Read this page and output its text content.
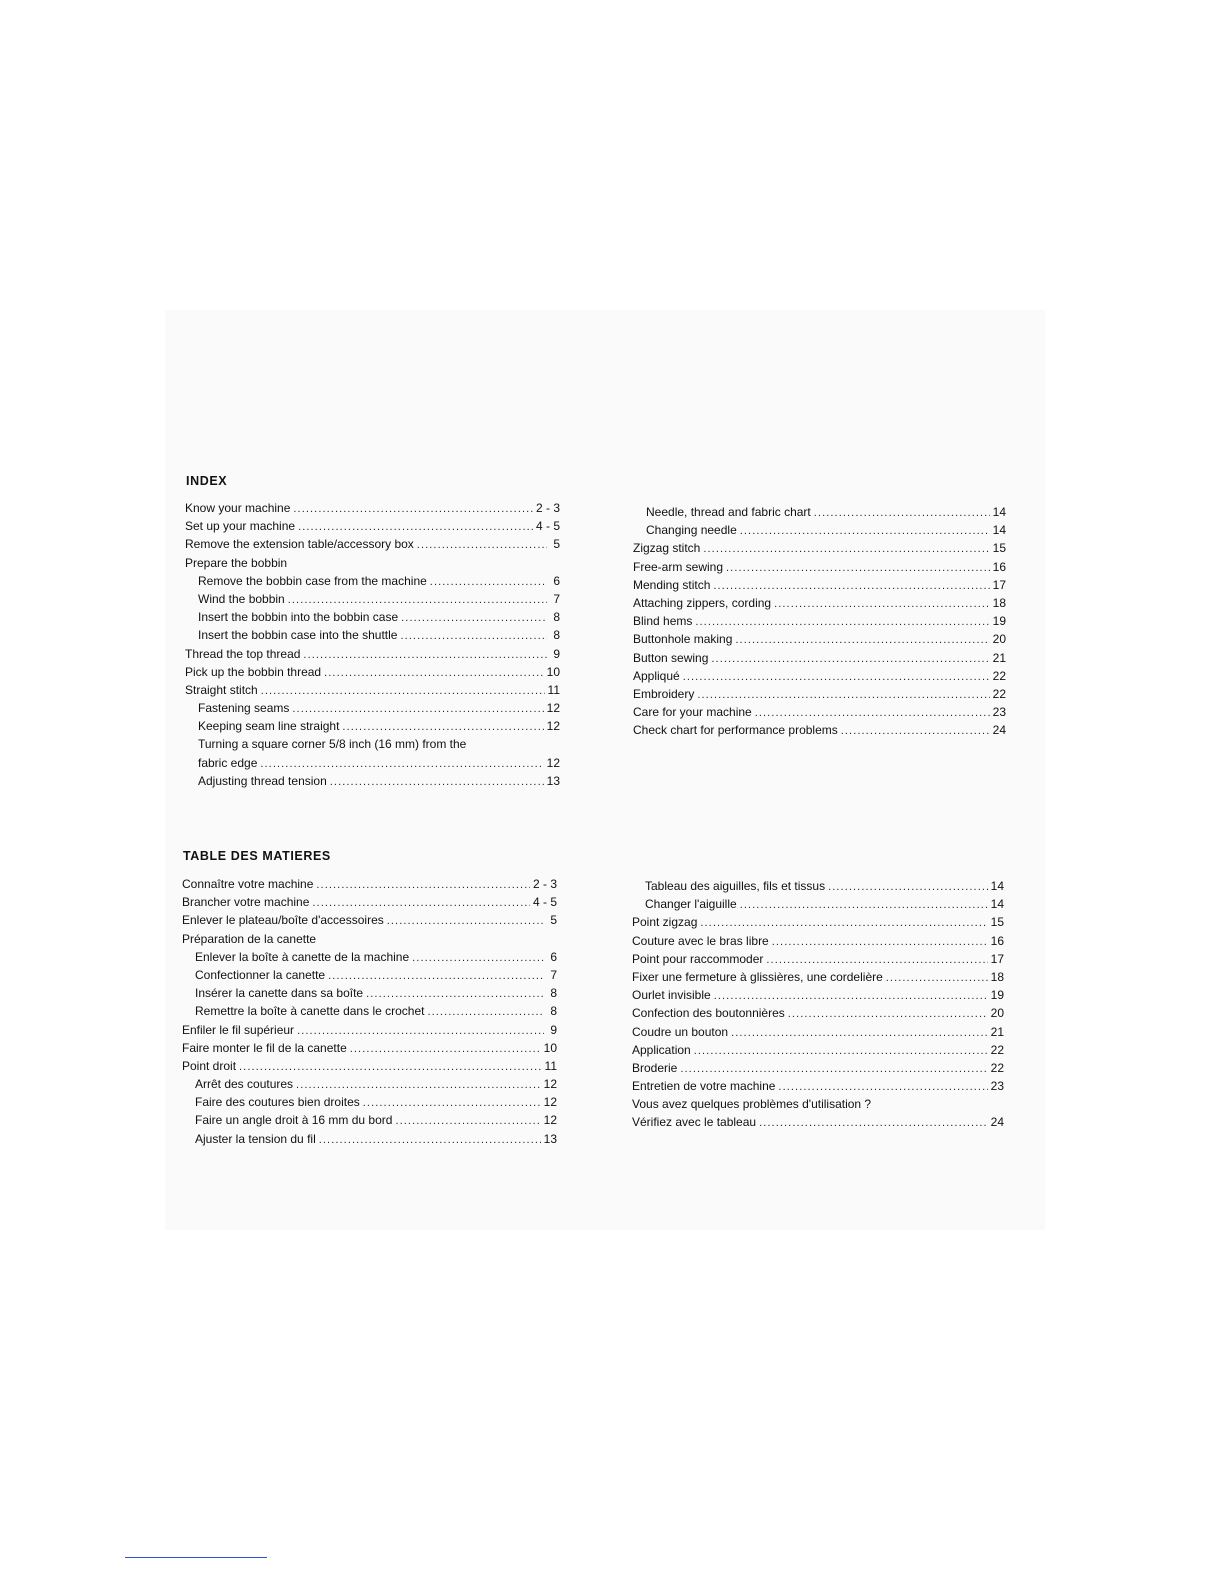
INDEX
Know your machine .....	2 - 3
Set up your machine .....	4 - 5
Remove the extension table/accessory box .....	5
Prepare the bobbin
Remove the bobbin case from the machine .....	6
Wind the bobbin .....	7
Insert the bobbin into the bobbin case .....	8
Insert the bobbin case into the shuttle .....	8
Thread the top thread .....	9
Pick up the bobbin thread .....	10
Straight stitch .....	11
Fastening seams .....	12
Keeping seam line straight .....	12
Turning a square corner 5/8 inch (16 mm) from the
fabric edge .....	12
Adjusting thread tension .....	13
Needle, thread and fabric chart .....	14
Changing needle .....	14
Zigzag stitch .....	15
Free-arm sewing .....	16
Mending stitch .....	17
Attaching zippers, cording .....	18
Blind hems .....	19
Buttonhole making .....	20
Button sewing .....	21
Appliqué .....	22
Embroidery .....	22
Care for your machine .....	23
Check chart for performance problems .....	24
TABLE DES MATIERES
Connaître votre machine .....	2 - 3
Brancher votre machine .....	4 - 5
Enlever le plateau/boîte d'accessoires .....	5
Préparation de la canette
Enlever la boîte à canette de la machine .....	6
Confectionner la canette .....	7
Insérer la canette dans sa boîte .....	8
Remettre la boîte à canette dans le crochet .....	8
Enfiler le fil supérieur .....	9
Faire monter le fil de la canette .....	10
Point droit .....	11
Arrêt des coutures .....	12
Faire des coutures bien droites .....	12
Faire un angle droit à 16 mm du bord .....	12
Ajuster la tension du fil .....	13
Tableau des aiguilles, fils et tissus .....	14
Changer l'aiguille .....	14
Point zigzag .....	15
Couture avec le bras libre .....	16
Point pour raccommoder .....	17
Fixer une fermeture à glissières, une cordelière .....	18
Ourlet invisible .....	19
Confection des boutonnières .....	20
Coudre un bouton .....	21
Application .....	22
Broderie .....	22
Entretien de votre machine .....	23
Vous avez quelques problèmes d'utilisation ?
Vérifiez avec le tableau .....	24
